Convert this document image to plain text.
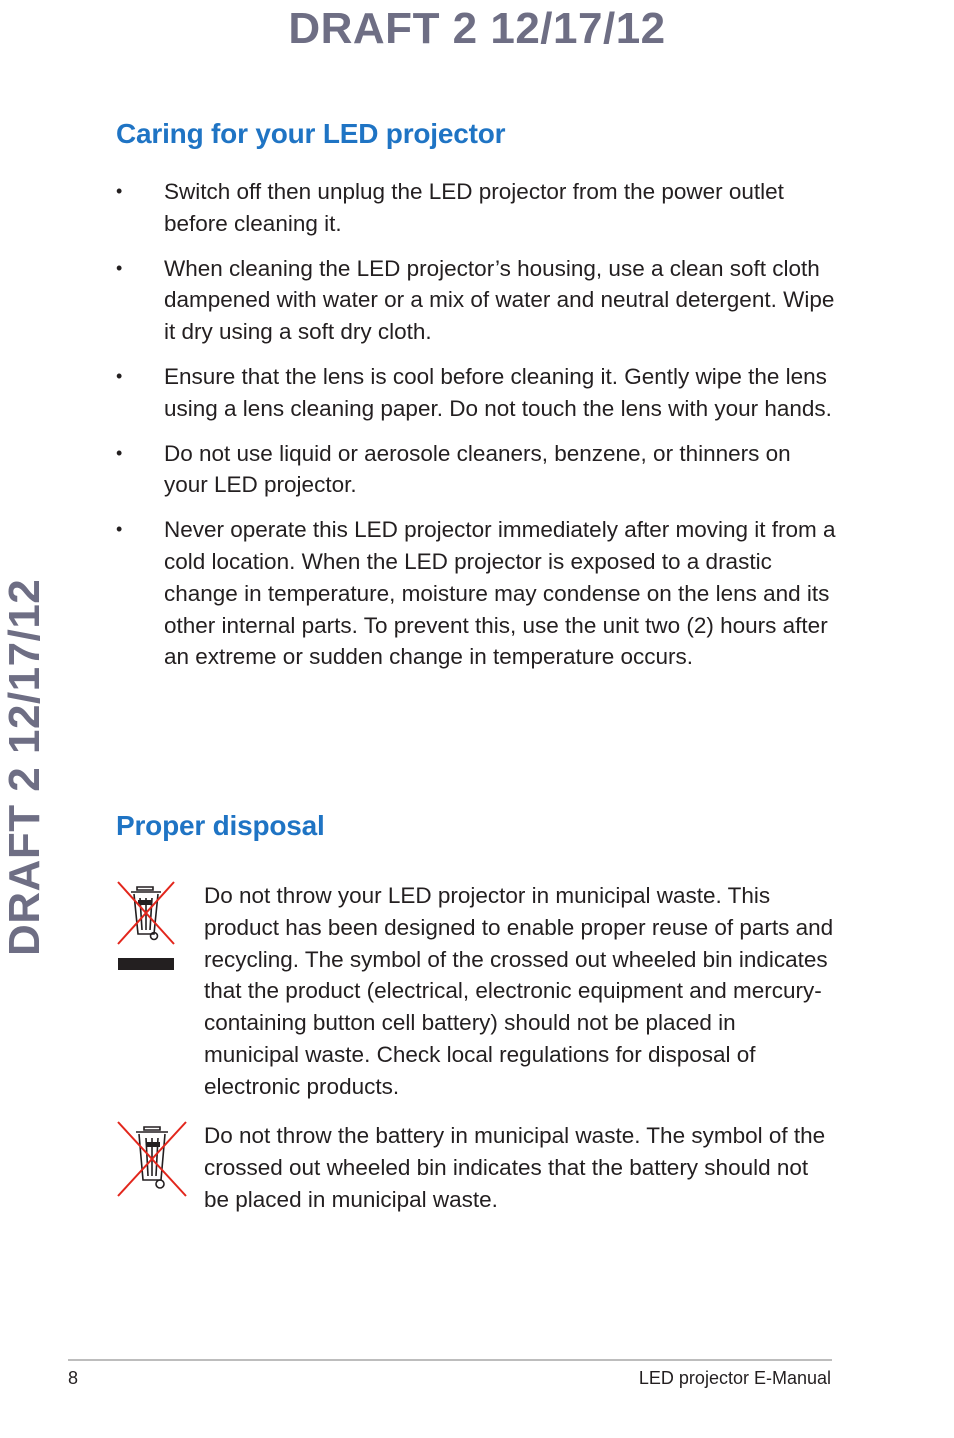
DRAFT 2 12/17/12
DRAFT 2 12/17/12
Caring for your LED projector
• Switch off then unplug the LED projector from the power outlet before cleaning it.
• When cleaning the LED projector’s housing, use a clean soft cloth dampened with water or a mix of water and neutral detergent. Wipe it dry using a soft dry cloth.
• Ensure that the lens is cool before cleaning it. Gently wipe the lens using a lens cleaning paper. Do not touch the lens with your hands.
• Do not use liquid or aerosole cleaners, benzene, or thinners on your LED projector.
• Never operate this LED projector immediately after moving it from a cold location. When the LED projector is exposed to a drastic change in temperature, moisture may condense on the lens and its other internal parts. To prevent this, use the unit two (2) hours after an extreme or sudden change in temperature occurs.
Proper disposal

Do not throw your LED projector in municipal waste. This product has been designed to enable proper reuse of parts and recycling. The symbol of the crossed out wheeled bin indicates that the product (electrical, electronic equipment and mercury-containing button cell battery) should not be placed in municipal waste. Check local regulations for disposal of electronic products.

Do not throw the battery in municipal waste. The symbol of the crossed out wheeled bin indicates that the battery should not be placed in municipal waste.

8	LED projector E-Manual
